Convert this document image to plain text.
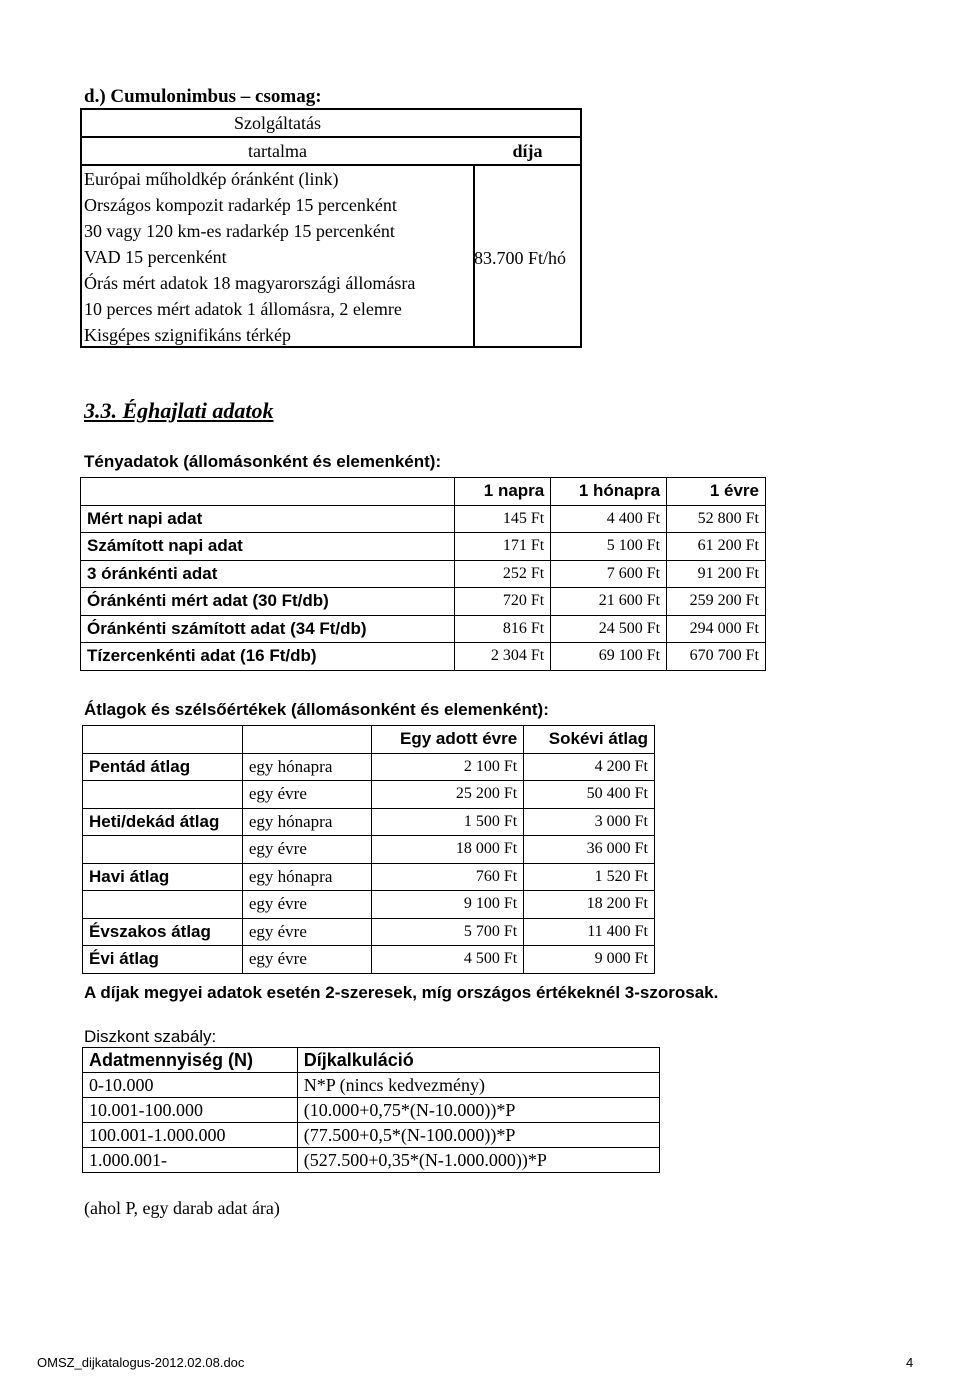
d.) Cumulonimbus – csomag:
Szolgáltatás
tartalma	díja
Európai műholdkép óránként (link)
Országos kompozit radarkép 15 percenként
30 vagy 120 km-es radarkép 15 percenként
VAD 15 percenként
Órás mért adatok 18 magyarországi állomásra
10 perces mért adatok 1 állomásra, 2 elemre
Kisgépes szignifikáns térkép
83.700 Ft/hó
3.3. Éghajlati adatok
Tényadatok (állomásonként és elemenként):
	1 napra	1 hónapra	1 évre
Mért napi adat	145 Ft	4 400 Ft	52 800 Ft
Számított napi adat	171 Ft	5 100 Ft	61 200 Ft
3 óránkénti adat	252 Ft	7 600 Ft	91 200 Ft
Óránkénti mért adat (30 Ft/db)	720 Ft	21 600 Ft	259 200 Ft
Óránkénti számított adat (34 Ft/db)	816 Ft	24 500 Ft	294 000 Ft
Tízercenkénti adat (16 Ft/db)	2 304 Ft	69 100 Ft	670 700 Ft
Átlagok és szélsőértékek (állomásonként és elemenként):
		Egy adott évre	Sokévi átlag
Pentád átlag	egy hónapra	2 100 Ft	4 200 Ft
	egy évre	25 200 Ft	50 400 Ft
Heti/dekád átlag	egy hónapra	1 500 Ft	3 000 Ft
	egy évre	18 000 Ft	36 000 Ft
Havi átlag	egy hónapra	760 Ft	1 520 Ft
	egy évre	9 100 Ft	18 200 Ft
Évszakos átlag	egy évre	5 700 Ft	11 400 Ft
Évi átlag	egy évre	4 500 Ft	9 000 Ft
A díjak megyei adatok esetén 2-szeresek, míg országos értékeknél 3-szorosak.
Diszkont szabály:
Adatmennyiség (N)	Díjkalkuláció
0-10.000	N*P (nincs kedvezmény)
10.001-100.000	(10.000+0,75*(N-10.000))*P
100.001-1.000.000	(77.500+0,5*(N-100.000))*P
1.000.001-	(527.500+0,35*(N-1.000.000))*P
(ahol P, egy darab adat ára)
OMSZ_dijkatalogus-2012.02.08.doc	4
